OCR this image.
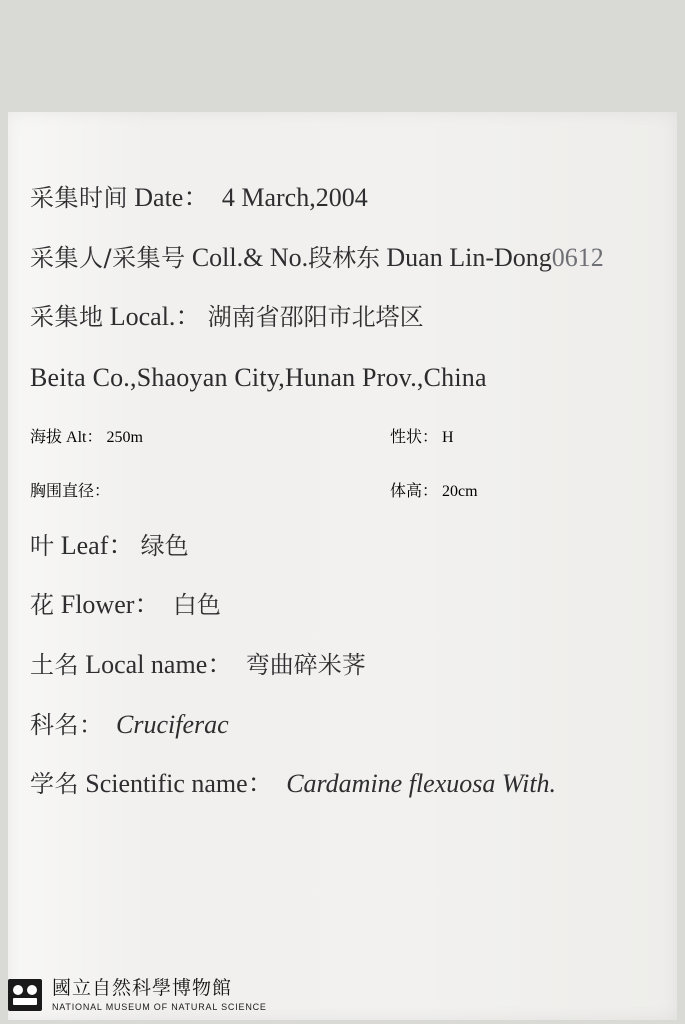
采集时间
Date：
4 March,2004
采集人/采集号
Coll.& No. 段林东
Duan Lin-Dong 0612
采集地
Local.：
湖南省邵阳市北塔区
Beita Co.,Shaoyan City,Hunan Prov.,China
海拔
Alt：
250m	性状：
H
胸围直径：	体高：
20cm
叶
Leaf：
绿色
花
Flower：
白色
土名
Local name：
弯曲碎米荠
科名：
Cruciferac
学名
Scientific name：
Cardamine flexuosa With.
國立自然科學博物館
NATIONAL MUSEUM OF NATURAL SCIENCE
